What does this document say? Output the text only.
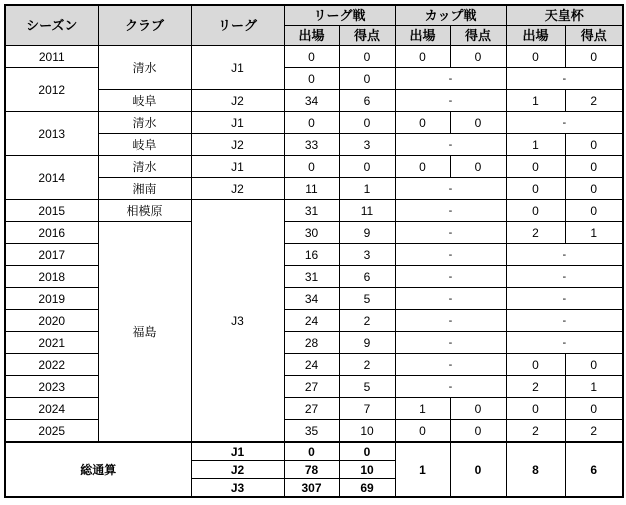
シーズン	クラブ	リーグ	リーグ戦		カップ戦		天皇杯	
			出場	得点	出場	得点	出場	得点
2011	清水	J1	0	0	0	0	0	0
2012			0	0	-		-	
	岐阜	J2	34	6	-		1	2
2013	清水	J1	0	0	0	0	-	
	岐阜	J2	33	3	-		1	0
2014	清水	J1	0	0	0	0	0	0
	湘南	J2	11	1	-		0	0
2015	相模原	J3	31	11	-		0	0
2016	福島		30	9	-		2	1
2017			16	3	-		-	
2018			31	6	-		-	
2019			34	5	-		-	
2020			24	2	-		-	
2021			28	9	-		-	
2022			24	2	-		0	0
2023			27	5	-		2	1
2024			27	7	1	0	0	0
2025			35	10	0	0	2	2
総通算		J1	0	0	1	0	8	6
		J2	78	10				
		J3	307	69				
